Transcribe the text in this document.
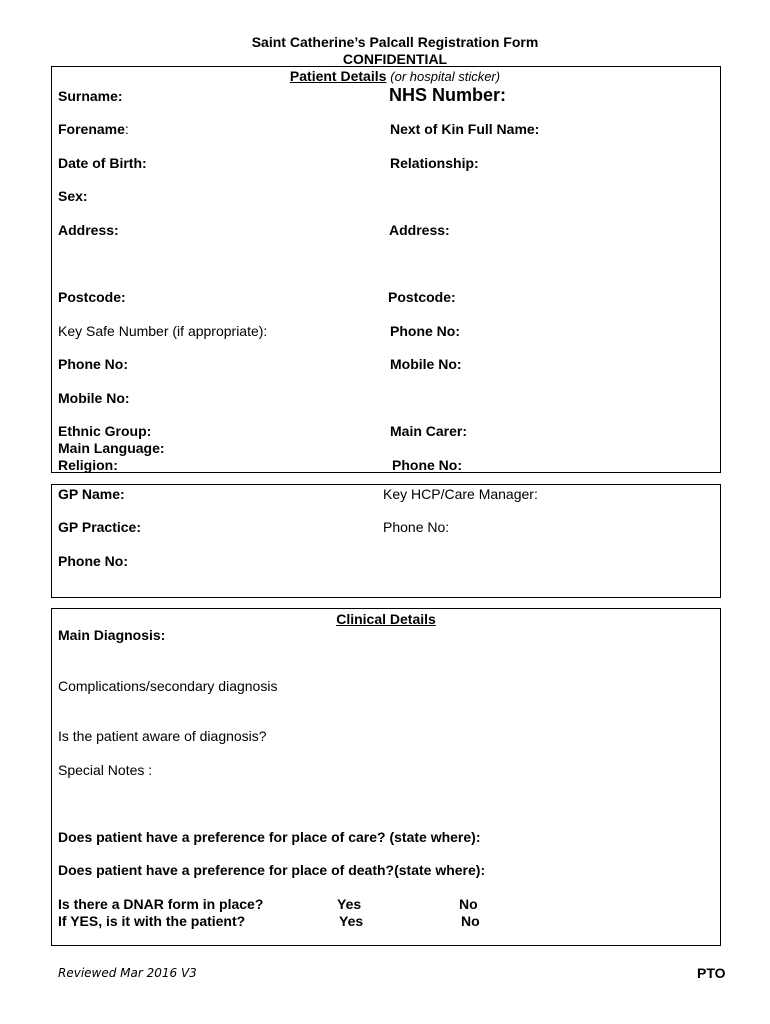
Saint Catherine’s Palcall Registration Form
CONFIDENTIAL
Patient Details (or hospital sticker)
Surname:	NHS Number:
Forename:	Next of Kin Full Name:
Date of Birth:	Relationship:
Sex:
Address:	Address:
Postcode:	Postcode:
Key Safe Number (if appropriate):	Phone No:
Phone No:	Mobile No:
Mobile No:
Ethnic Group:	Main Carer:
Main Language:
Religion:	Phone No:
GP Name:	Key HCP/Care Manager:
GP Practice:	Phone No:
Phone No:
Clinical Details
Main Diagnosis:
Complications/secondary diagnosis
Is the patient aware of diagnosis?
Special Notes :
Does patient have a preference for place of care? (state where):
Does patient have a preference for place of death?(state where):
Is there a DNAR form in place?	Yes	No
If YES, is it with the patient?	Yes	No
Reviewed Mar 2016 V3	PTO
